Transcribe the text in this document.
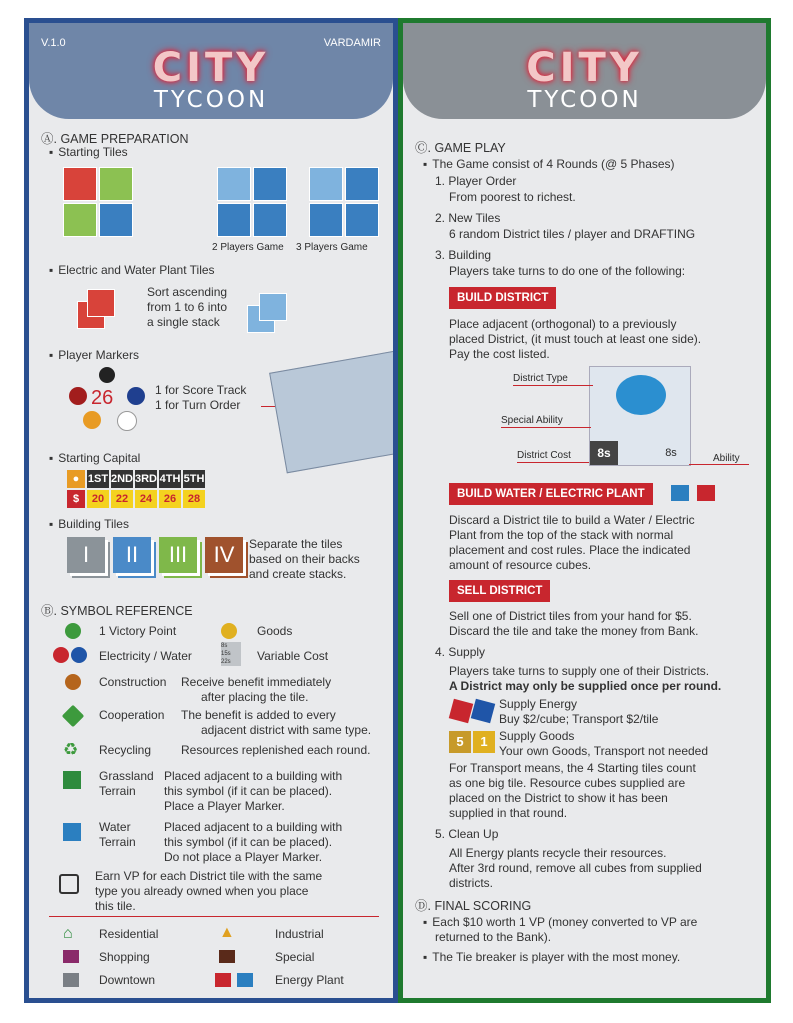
V.1.0	VARDAMIR
CITY
TYCOON
Ⓐ. GAME PREPARATION
▪ Starting Tiles
2 Players Game 3 Players Game
▪ Electric and Water Plant Tiles
Sort ascending
from 1 to 6 into
a single stack
▪ Player Markers
26	1 for Score Track
1 for Turn Order
▪ Starting Capital
● 1ST 2ND 3RD 4TH 5TH
$ 20 22 24 26 28
▪ Building Tiles
I	II	III	IV	Separate the tiles
based on their backs
and create stacks.
Ⓑ. SYMBOL REFERENCE
1 Victory Point	Goods
Electricity / Water
8s
15s
22s	Variable Cost
Construction Receive benefit immediately
after placing the tile.
Cooperation The benefit is added to every
adjacent district with same type.
♻ Recycling Resources replenished each round.
Grassland
Terrain
Placed adjacent to a building with
this symbol (if it can be placed).
Place a Player Marker.
Water
Terrain
Placed adjacent to a building with
this symbol (if it can be placed).
Do not place a Player Marker.
Earn VP for each District tile with the same
type you already owned when you place
this tile.
⌂ Residential	▲	Industrial
Shopping	Special
Downtown	Energy Plant
CITY
TYCOON
Ⓒ. GAME PLAY
▪ The Game consist of 4 Rounds (@ 5 Phases)
1. Player Order
From poorest to richest.
2. New Tiles
6 random District tiles / player and DRAFTING
3. Building
Players take turns to do one of the following:
BUILD DISTRICT
Place adjacent (orthogonal) to a previously
placed District, (it must touch at least one side).
Pay the cost listed.
8s	8s
District Type
Special Ability
District Cost	Ability
BUILD WATER / ELECTRIC PLANT
Discard a District tile to build a Water / Electric
Plant from the top of the stack with normal
placement and cost rules. Place the indicated
amount of resource cubes.
SELL DISTRICT
Sell one of District tiles from your hand for $5.
Discard the tile and take the money from Bank.
4. Supply
Players take turns to supply one of their Districts.
A District may only be supplied once per round.
Supply Energy
Buy $2/cube; Transport $2/tile
5	1 Supply Goods
Your own Goods, Transport not needed
For Transport means, the 4 Starting tiles count
as one big tile. Resource cubes supplied are
placed on the District to show it has been
supplied in that round.
5. Clean Up
All Energy plants recycle their resources.
After 3rd round, remove all cubes from supplied
districts.
Ⓓ. FINAL SCORING
▪ Each $10 worth 1 VP (money converted to VP are
returned to the Bank).
▪ The Tie breaker is player with the most money.
